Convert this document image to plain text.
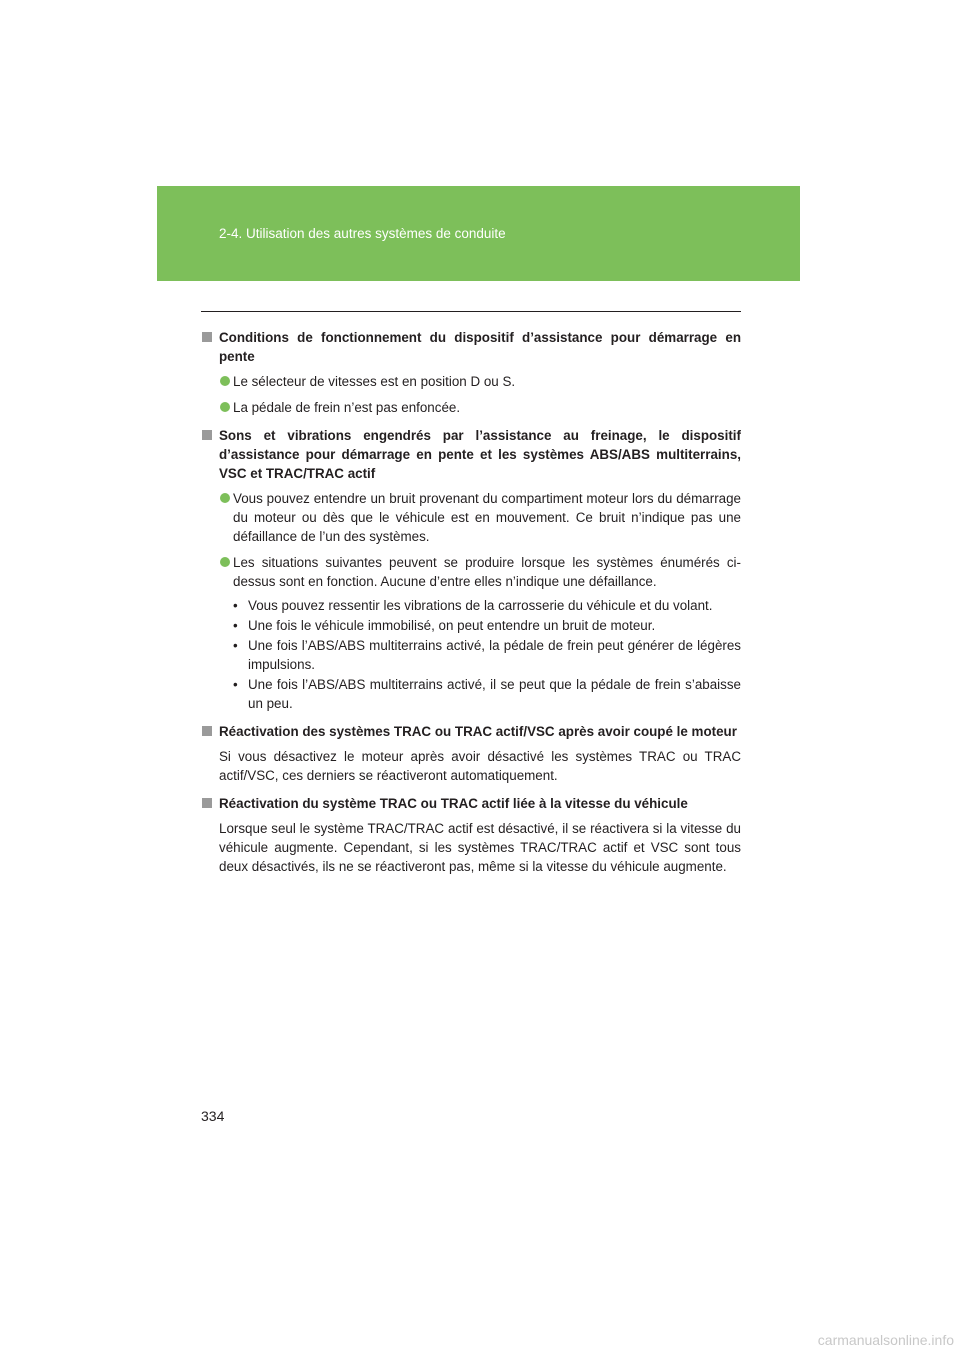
2-4. Utilisation des autres systèmes de conduite
Conditions de fonctionnement du dispositif d’assistance pour démarrage en pente
Le sélecteur de vitesses est en position D ou S.
La pédale de frein n’est pas enfoncée.
Sons et vibrations engendrés par l’assistance au freinage, le dispositif d’assistance pour démarrage en pente et les systèmes ABS/ABS multiterrains, VSC et TRAC/TRAC actif
Vous pouvez entendre un bruit provenant du compartiment moteur lors du démarrage du moteur ou dès que le véhicule est en mouvement. Ce bruit n’indique pas une défaillance de l’un des systèmes.
Les situations suivantes peuvent se produire lorsque les systèmes énumérés ci-dessus sont en fonction. Aucune d’entre elles n’indique une défaillance.
• Vous pouvez ressentir les vibrations de la carrosserie du véhicule et du volant.
• Une fois le véhicule immobilisé, on peut entendre un bruit de moteur.
• Une fois l’ABS/ABS multiterrains activé, la pédale de frein peut générer de légères impulsions.
• Une fois l’ABS/ABS multiterrains activé, il se peut que la pédale de frein s’abaisse un peu.
Réactivation des systèmes TRAC ou TRAC actif/VSC après avoir coupé le moteur
Si vous désactivez le moteur après avoir désactivé les systèmes TRAC ou TRAC actif/VSC, ces derniers se réactiveront automatiquement.
Réactivation du système TRAC ou TRAC actif liée à la vitesse du véhicule
Lorsque seul le système TRAC/TRAC actif est désactivé, il se réactivera si la vitesse du véhicule augmente. Cependant, si les systèmes TRAC/TRAC actif et VSC sont tous deux désactivés, ils ne se réactiveront pas, même si la vitesse du véhicule augmente.
334
carmanualsonline.info
